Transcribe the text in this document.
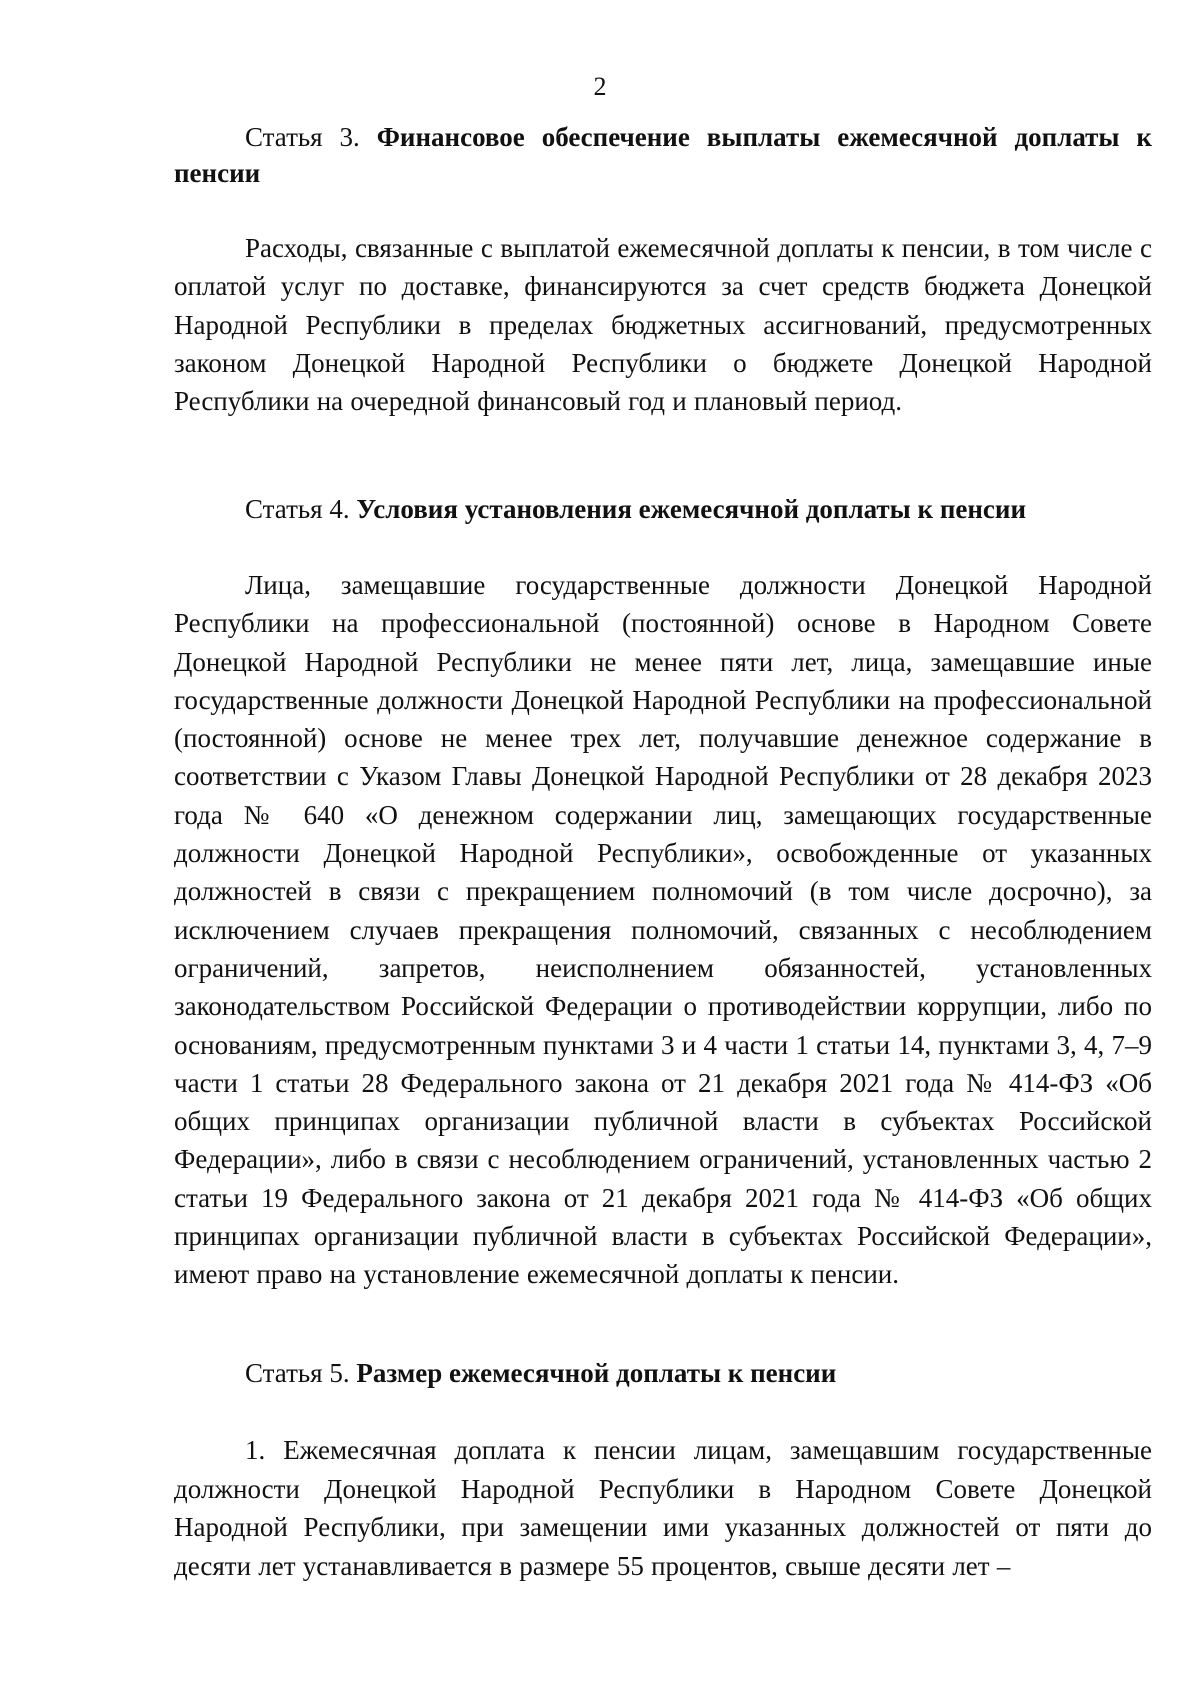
2

Статья 3. Финансовое обеспечение выплаты ежемесячной доплаты к пенсии

Расходы, связанные с выплатой ежемесячной доплаты к пенсии, в том числе с оплатой услуг по доставке, финансируются за счет средств бюджета Донецкой Народной Республики в пределах бюджетных ассигнований, предусмотренных законом Донецкой Народной Республики о бюджете Донецкой Народной Республики на очередной финансовый год и плановый период.

Статья 4. Условия установления ежемесячной доплаты к пенсии

Лица, замещавшие государственные должности Донецкой Народной Республики на профессиональной (постоянной) основе в Народном Совете Донецкой Народной Республики не менее пяти лет, лица, замещавшие иные государственные должности Донецкой Народной Республики на профессиональной (постоянной) основе не менее трех лет, получавшие денежное содержание в соответствии с Указом Главы Донецкой Народной Республики от 28 декабря 2023 года № 640 «О денежном содержании лиц, замещающих государственные должности Донецкой Народной Республики», освобожденные от указанных должностей в связи с прекращением полномочий (в том числе досрочно), за исключением случаев прекращения полномочий, связанных с несоблюдением ограничений, запретов, неисполнением обязанностей, установленных законодательством Российской Федерации о противодействии коррупции, либо по основаниям, предусмотренным пунктами 3 и 4 части 1 статьи 14, пунктами 3, 4, 7–9 части 1 статьи 28 Федерального закона от 21 декабря 2021 года № 414-ФЗ «Об общих принципах организации публичной власти в субъектах Российской Федерации», либо в связи с несоблюдением ограничений, установленных частью 2 статьи 19 Федерального закона от 21 декабря 2021 года № 414-ФЗ «Об общих принципах организации публичной власти в субъектах Российской Федерации», имеют право на установление ежемесячной доплаты к пенсии.

Статья 5. Размер ежемесячной доплаты к пенсии

1. Ежемесячная доплата к пенсии лицам, замещавшим государственные должности Донецкой Народной Республики в Народном Совете Донецкой Народной Республики, при замещении ими указанных должностей от пяти до десяти лет устанавливается в размере 55 процентов, свыше десяти лет –
